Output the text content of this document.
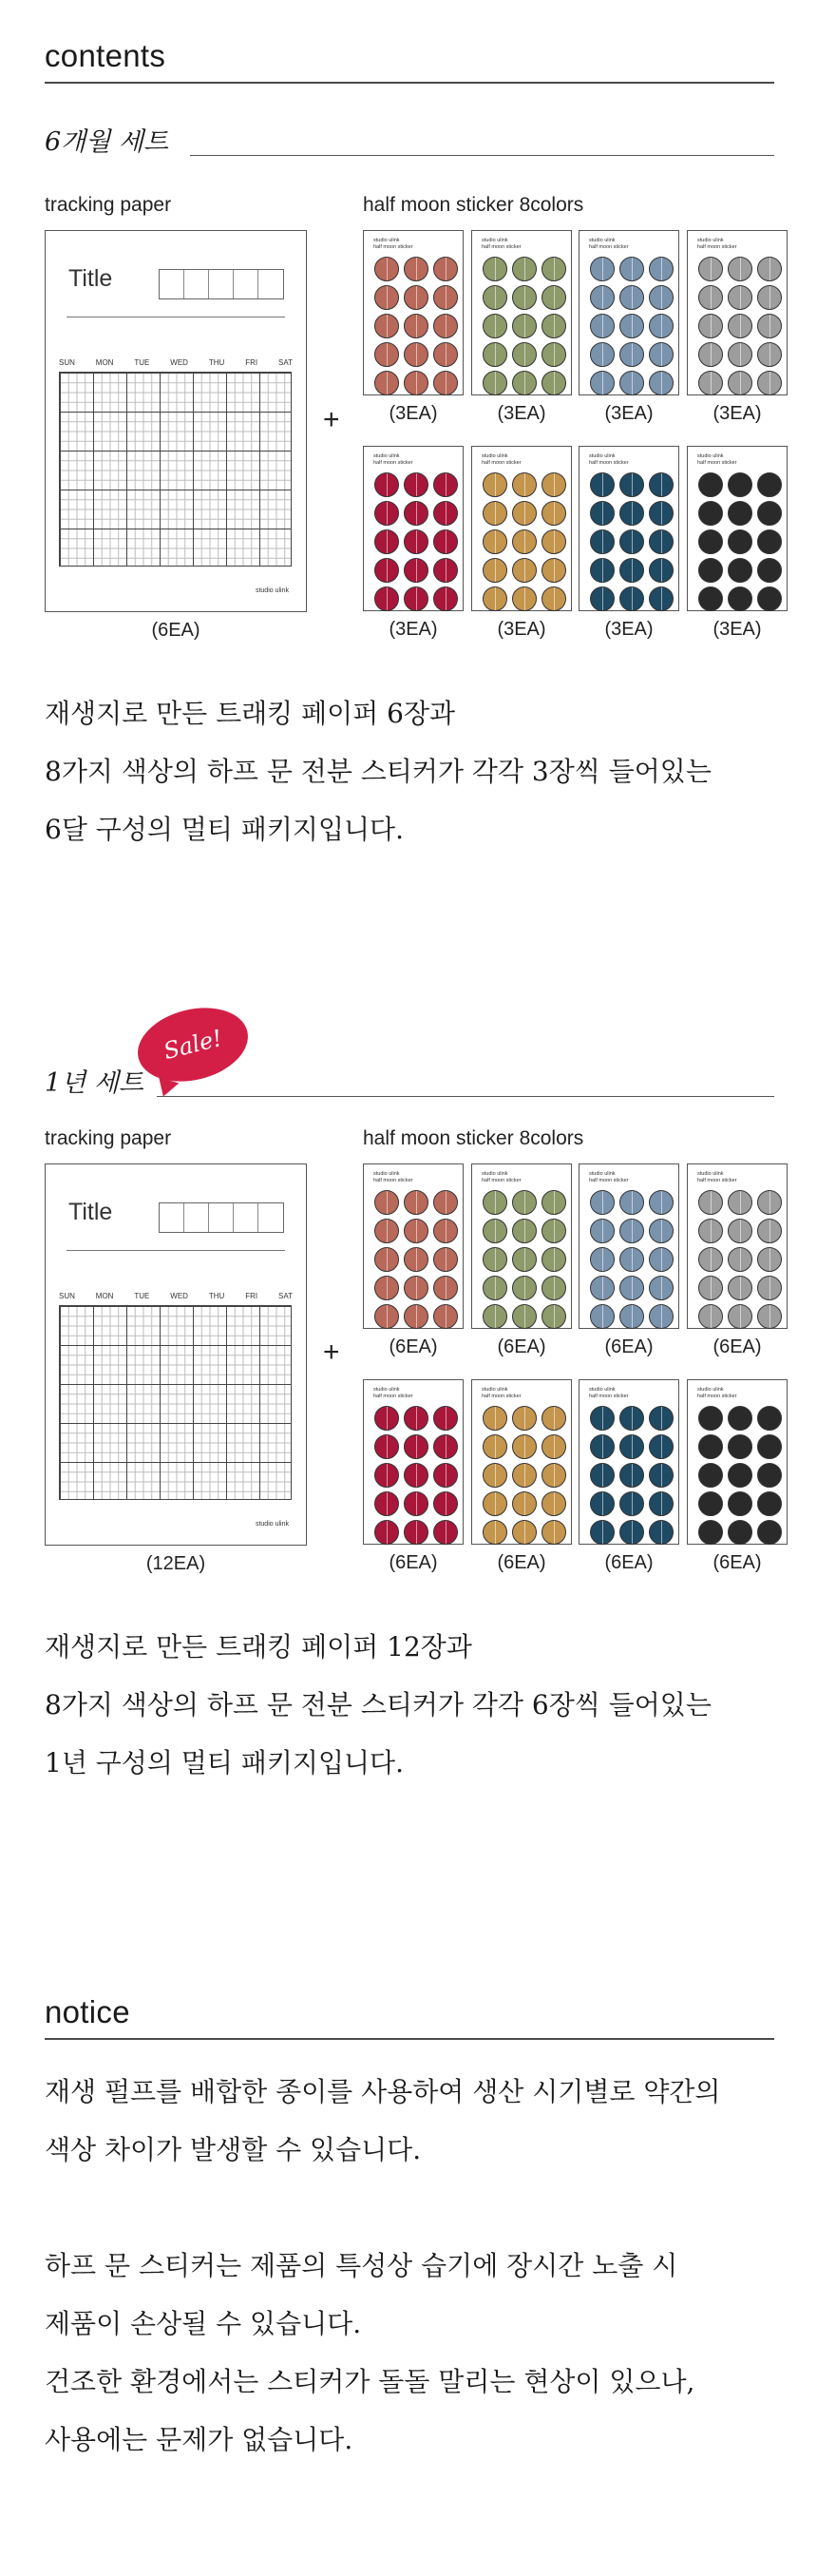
contents
6개월 세트
tracking paper	half moon sticker 8colors
Title
SUN	MON	TUE	WED	THU	FRI	SAT
studio ulink
(6EA)
+
studio ulink
half moon sticker
(3EA)
studio ulink
half moon sticker
(3EA)
studio ulink
half moon sticker
(3EA)
studio ulink
half moon sticker
(3EA)
studio ulink
half moon sticker
(3EA)
studio ulink
half moon sticker
(3EA)
studio ulink
half moon sticker
(3EA)
studio ulink
half moon sticker
(3EA)

재생지로 만든 트래킹 페이퍼 6장과

8가지 색상의 하프 문 전분 스티커가 각각 3장씩 들어있는

6달 구성의 멀티 패키지입니다.

1년 세트
Sale!
tracking paper	half moon sticker 8colors
Title
SUN	MON	TUE	WED	THU	FRI	SAT
studio ulink
(12EA)
+
studio ulink
half moon sticker
(6EA)
studio ulink
half moon sticker
(6EA)
studio ulink
half moon sticker
(6EA)
studio ulink
half moon sticker
(6EA)
studio ulink
half moon sticker
(6EA)
studio ulink
half moon sticker
(6EA)
studio ulink
half moon sticker
(6EA)
studio ulink
half moon sticker
(6EA)

재생지로 만든 트래킹 페이퍼 12장과

8가지 색상의 하프 문 전분 스티커가 각각 6장씩 들어있는

1년 구성의 멀티 패키지입니다.

notice

재생 펄프를 배합한 종이를 사용하여 생산 시기별로 약간의

색상 차이가 발생할 수 있습니다.

하프 문 스티커는 제품의 특성상 습기에 장시간 노출 시

제품이 손상될 수 있습니다.

건조한 환경에서는 스티커가 돌돌 말리는 현상이 있으나,

사용에는 문제가 없습니다.
